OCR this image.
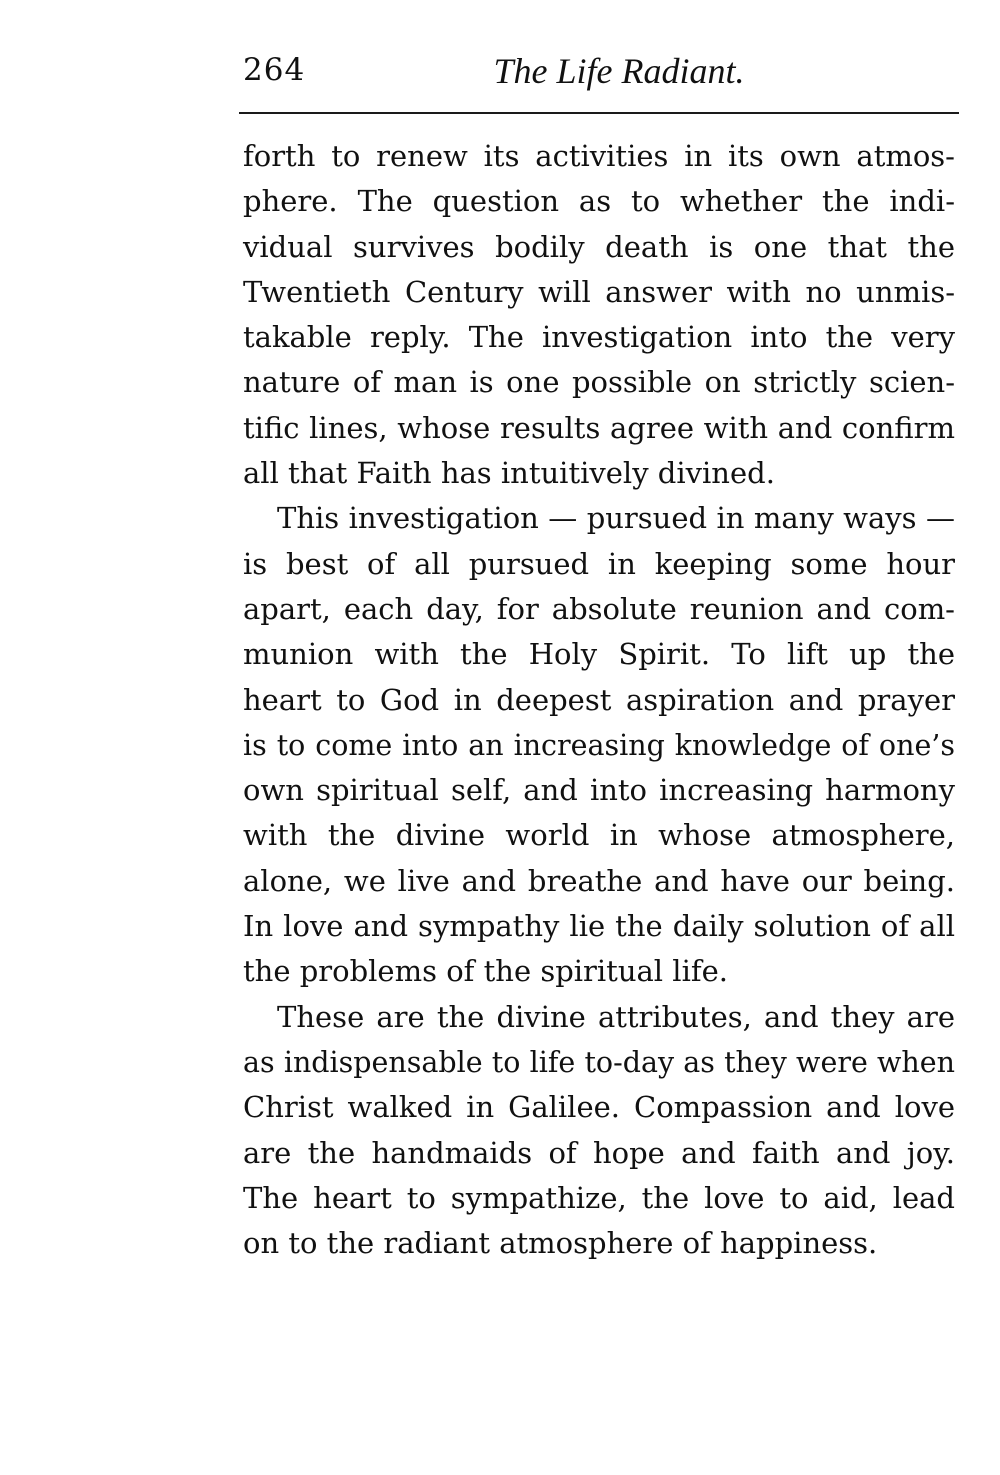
264	The Life Radiant.
forth to renew its activities in its own atmos-
phere. The question as to whether the indi-
vidual survives bodily death is one that the
Twentieth Century will answer with no unmis-
takable reply. The investigation into the very
nature of man is one possible on strictly scien-
tific lines, whose results agree with and confirm
all that Faith has intuitively divined.
This investigation — pursued in many ways —
is best of all pursued in keeping some hour
apart, each day, for absolute reunion and com-
munion with the Holy Spirit. To lift up the
heart to God in deepest aspiration and prayer
is to come into an increasing knowledge of one’s
own spiritual self, and into increasing harmony
with the divine world in whose atmosphere,
alone, we live and breathe and have our being.
In love and sympathy lie the daily solution of all
the problems of the spiritual life.
These are the divine attributes, and they are
as indispensable to life to-day as they were when
Christ walked in Galilee. Compassion and love
are the handmaids of hope and faith and joy.
The heart to sympathize, the love to aid, lead
on to the radiant atmosphere of happiness.
